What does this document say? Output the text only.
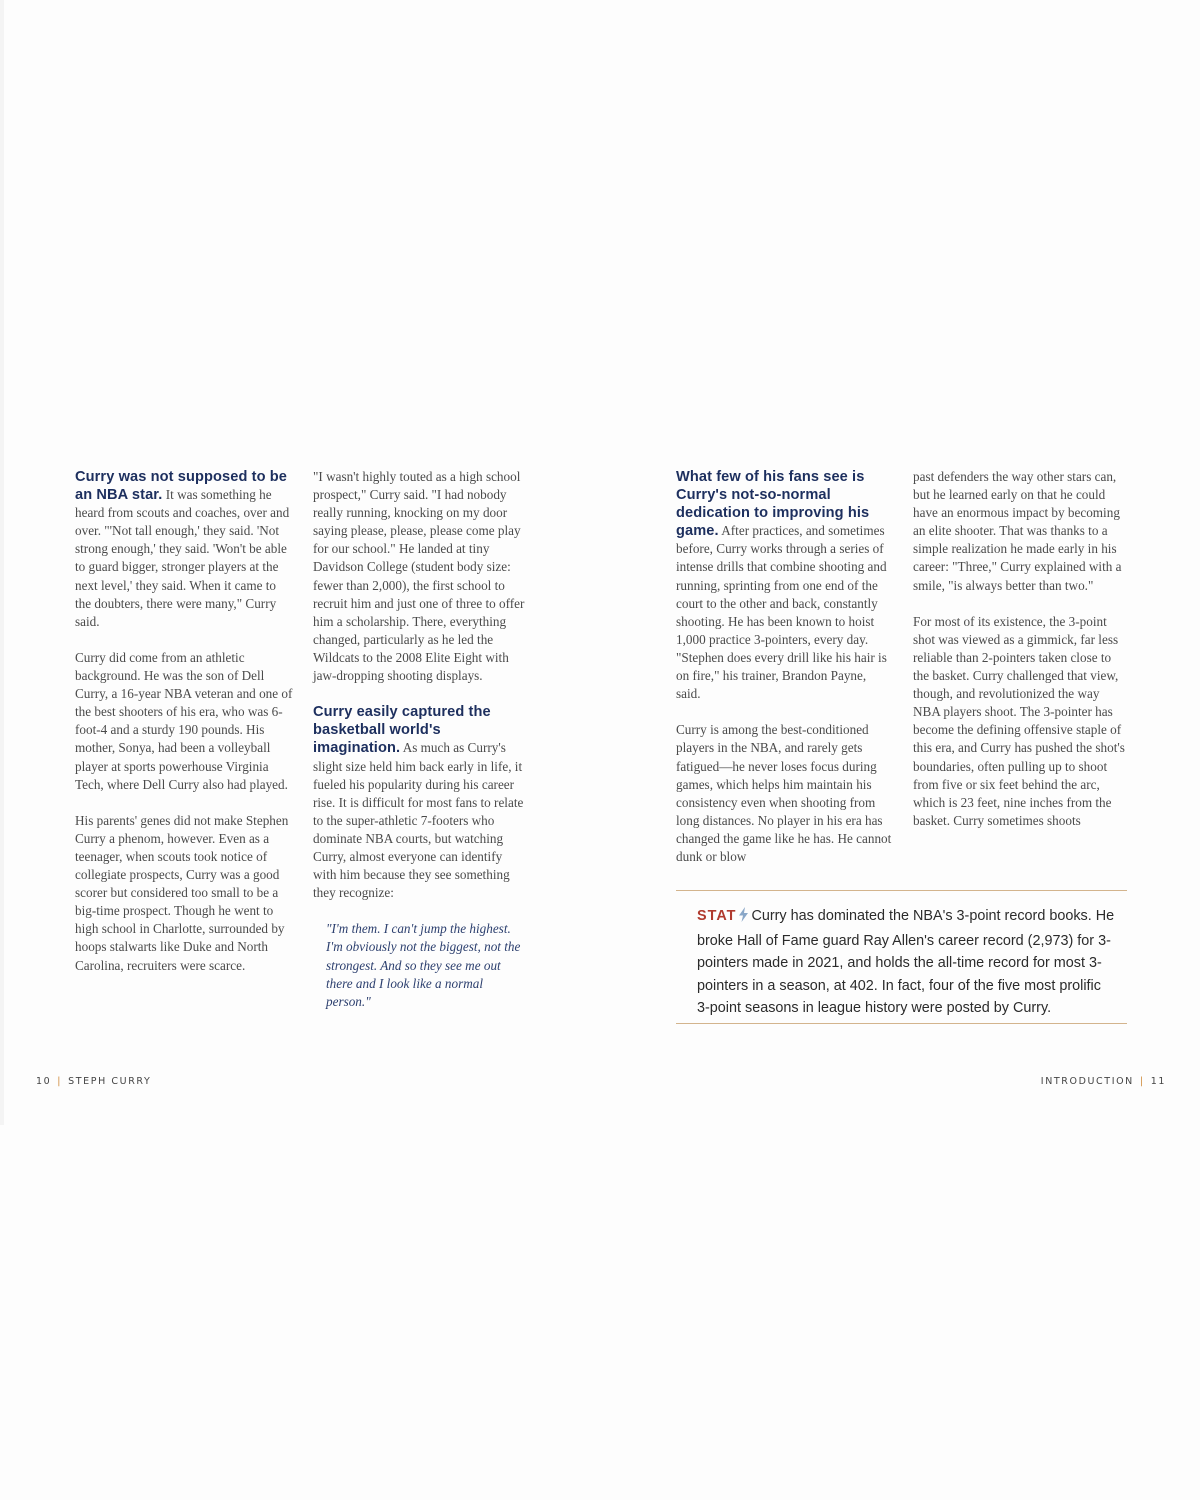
Curry was not supposed to be an NBA star. It was something he heard from scouts and coaches, over and over. "'Not tall enough,' they said. 'Not strong enough,' they said. 'Won't be able to guard bigger, stronger players at the next level,' they said. When it came to the doubters, there were many," Curry said.

Curry did come from an athletic background. He was the son of Dell Curry, a 16-year NBA veteran and one of the best shooters of his era, who was 6-foot-4 and a sturdy 190 pounds. His mother, Sonya, had been a volleyball player at sports powerhouse Virginia Tech, where Dell Curry also had played.

His parents' genes did not make Stephen Curry a phenom, however. Even as a teenager, when scouts took notice of collegiate prospects, Curry was a good scorer but considered too small to be a big-time prospect. Though he went to high school in Charlotte, surrounded by hoops stalwarts like Duke and North Carolina, recruiters were scarce.

"I wasn't highly touted as a high school prospect," Curry said. "I had nobody really running, knocking on my door saying please, please, please come play for our school." He landed at tiny Davidson College (student body size: fewer than 2,000), the first school to recruit him and just one of three to offer him a scholarship. There, everything changed, particularly as he led the Wildcats to the 2008 Elite Eight with jaw-dropping shooting displays.

Curry easily captured the basketball world's imagination. As much as Curry's slight size held him back early in life, it fueled his popularity during his career rise. It is difficult for most fans to relate to the super-athletic 7-footers who dominate NBA courts, but watching Curry, almost everyone can identify with him because they see something they recognize:

"I'm them. I can't jump the highest. I'm obviously not the biggest, not the strongest. And so they see me out there and I look like a normal person."

What few of his fans see is Curry's not-so-normal dedication to improving his game. After practices, and sometimes before, Curry works through a series of intense drills that combine shooting and running, sprinting from one end of the court to the other and back, constantly shooting. He has been known to hoist 1,000 practice 3-pointers, every day. "Stephen does every drill like his hair is on fire," his trainer, Brandon Payne, said.

Curry is among the best-conditioned players in the NBA, and rarely gets fatigued—he never loses focus during games, which helps him maintain his consistency even when shooting from long distances. No player in his era has changed the game like he has. He cannot dunk or blow

past defenders the way other stars can, but he learned early on that he could have an enormous impact by becoming an elite shooter. That was thanks to a simple realization he made early in his career: "Three," Curry explained with a smile, "is always better than two."

For most of its existence, the 3-point shot was viewed as a gimmick, far less reliable than 2-pointers taken close to the basket. Curry challenged that view, though, and revolutionized the way NBA players shoot. The 3-pointer has become the defining offensive staple of this era, and Curry has pushed the shot's boundaries, often pulling up to shoot from five or six feet behind the arc, which is 23 feet, nine inches from the basket. Curry sometimes shoots

STAT Curry has dominated the NBA's 3-point record books. He broke Hall of Fame guard Ray Allen's career record (2,973) for 3-pointers made in 2021, and holds the all-time record for most 3-pointers in a season, at 402. In fact, four of the five most prolific 3-point seasons in league history were posted by Curry.
10 | STEPH CURRY	INTRODUCTION | 11
